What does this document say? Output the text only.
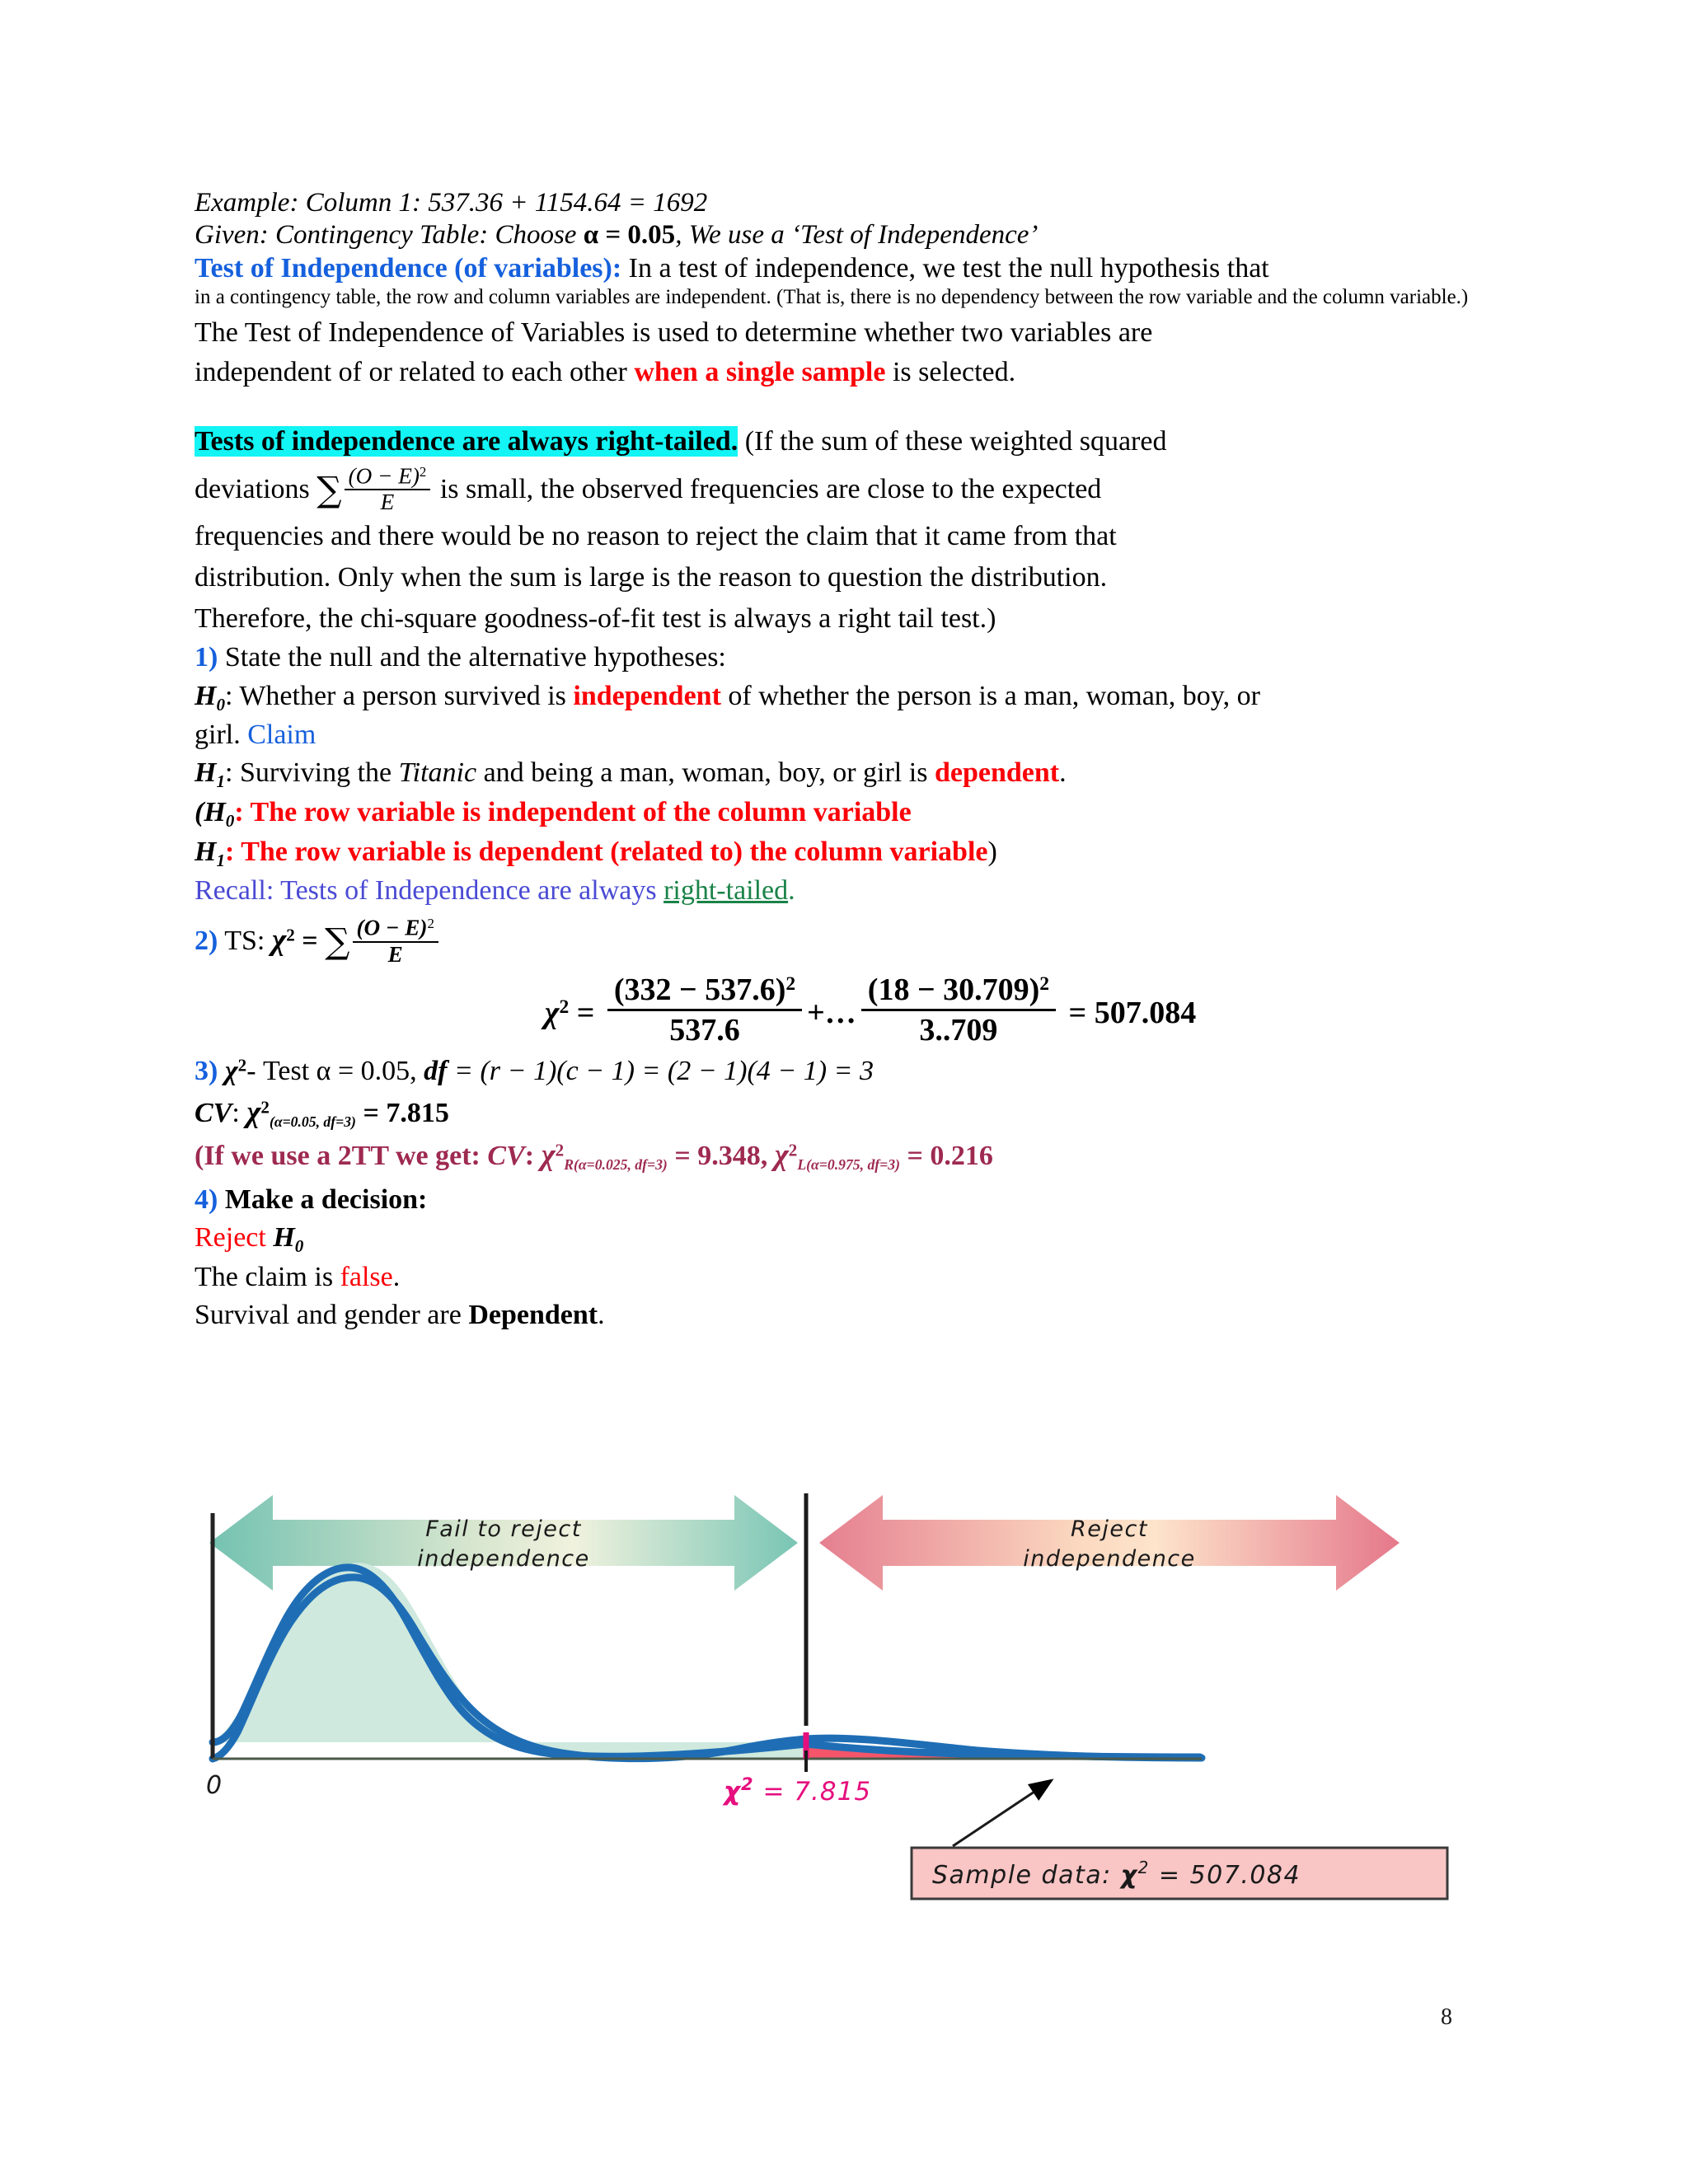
Example: Column 1: 537.36 + 1154.64 = 1692
Given: Contingency Table: Choose α = 0.05, We use a ‘Test of Independence’
Test of Independence (of variables): In a test of independence, we test the null hypothesis that
in a contingency table, the row and column variables are independent. (That is, there is no dependency between the row variable and the column variable.)
The Test of Independence of Variables is used to determine whether two variables are
independent of or related to each other when a single sample is selected.
Tests of independence are always right-tailed. (If the sum of these weighted squared
deviations ∑ $\frac{(O - E)^2}{E}$ is small, the observed frequencies are close to the expected
frequencies and there would be no reason to reject the claim that it came from that
distribution. Only when the sum is large is the reason to question the distribution.
Therefore, the chi-square goodness-of-fit test is always a right tail test.)
1) State the null and the alternative hypotheses:
$H_0$: Whether a person survived is independent of whether the person is a man, woman, boy, or
girl. Claim
$H_1$: Surviving the Titanic and being a man, woman, boy, or girl is dependent.
($H_0$: The row variable is independent of the column variable
$H_1$: The row variable is dependent (related to) the column variable)
Recall: Tests of Independence are always right-tailed.
2) TS: $\chi^2$ = ∑ $\frac{(O - E)^2}{E}$
$\chi^2 = \frac{(332 - 537.6)^2}{537.6}$ +… $\frac{(18 - 30.709)^2}{3..709} = 507.084$
3) $\chi^2-$ Test α = 0.05, df = (r − 1)(c − 1) = (2 − 1)(4 − 1) = 3
CV: $\chi^2_{(\alpha=0.05, df=3)} = 7.815$
(If we use a 2TT we get: CV: $\chi^2_{R(\alpha=0.025, df=3)} = 9.348$, $\chi^2_{L(\alpha=0.975, df=3)} = 0.216$
4) Make a decision:
Reject $H_0$
The claim is false.
Survival and gender are Dependent.
Fail to reject
independence
Reject
independence
0	$\chi^2 = 7.815$
Sample data: $\chi^2 = 507.084$
8
